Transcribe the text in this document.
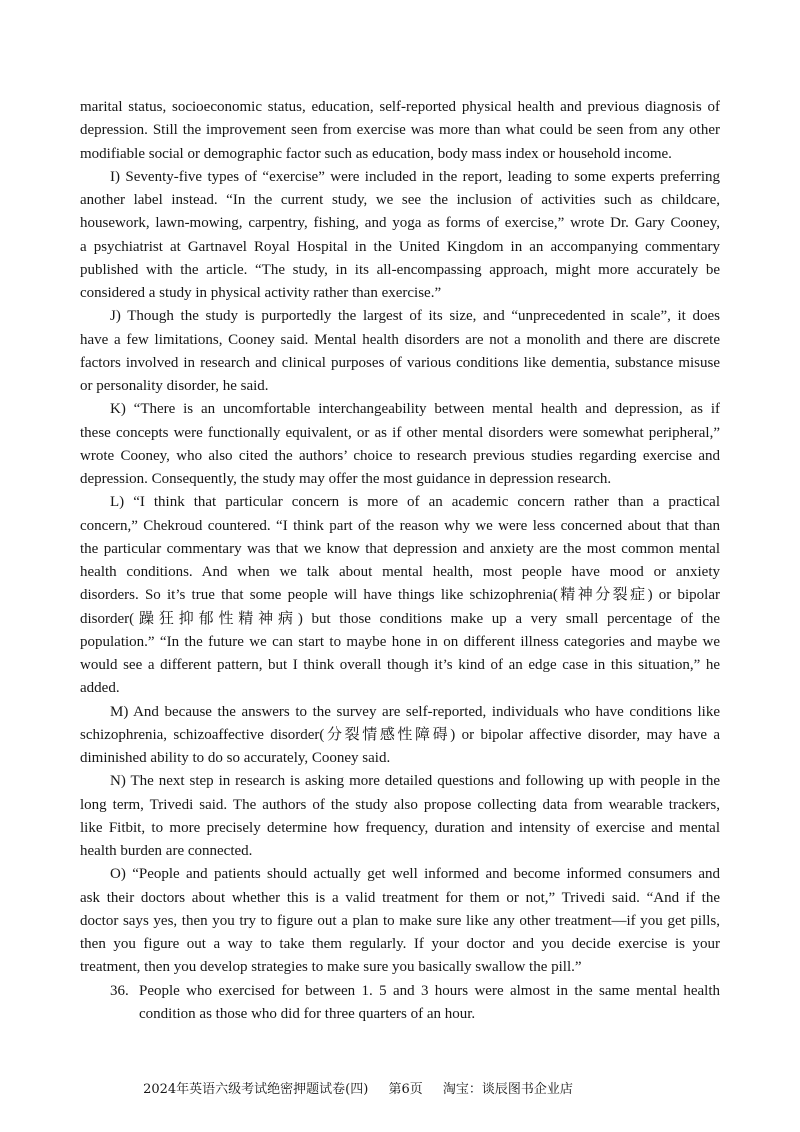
marital status, socioeconomic status, education, self-reported physical health and previous diagnosis of
depression. Still the improvement seen from exercise was more than what could be seen from any other
modifiable social or demographic factor such as education, body mass index or household income.
I) Seventy-five types of “exercise” were included in the report, leading to some experts preferring
another label instead. “In the current study, we see the inclusion of activities such as childcare,
housework, lawn-mowing, carpentry, fishing, and yoga as forms of exercise,” wrote Dr. Gary Cooney,
a psychiatrist at Gartnavel Royal Hospital in the United Kingdom in an accompanying commentary
published with the article. “The study, in its all-encompassing approach, might more accurately be
considered a study in physical activity rather than exercise.”
J) Though the study is purportedly the largest of its size, and “unprecedented in scale”, it does
have a few limitations, Cooney said. Mental health disorders are not a monolith and there are discrete
factors involved in research and clinical purposes of various conditions like dementia, substance misuse
or personality disorder, he said.
K) “There is an uncomfortable interchangeability between mental health and depression, as if
these concepts were functionally equivalent, or as if other mental disorders were somewhat peripheral,”
wrote Cooney, who also cited the authors’ choice to research previous studies regarding exercise and
depression. Consequently, the study may offer the most guidance in depression research.
L) “I think that particular concern is more of an academic concern rather than a practical
concern,” Chekroud countered. “I think part of the reason why we were less concerned about that than
the particular commentary was that we know that depression and anxiety are the most common mental
health conditions. And when we talk about mental health, most people have mood or anxiety
disorders. So it’s true that some people will have things like schizophrenia(精神分裂症) or bipolar
disorder(躁狂抑郁性精神病) but those conditions make up a very small percentage of the
population.” “In the future we can start to maybe hone in on different illness categories and maybe we
would see a different pattern, but I think overall though it’s kind of an edge case in this situation,” he
added.
M) And because the answers to the survey are self-reported, individuals who have conditions like
schizophrenia, schizoaffective disorder(分裂情感性障碍) or bipolar affective disorder, may have a
diminished ability to do so accurately, Cooney said.
N) The next step in research is asking more detailed questions and following up with people in the
long term, Trivedi said. The authors of the study also propose collecting data from wearable trackers,
like Fitbit, to more precisely determine how frequency, duration and intensity of exercise and mental
health burden are connected.
O) “People and patients should actually get well informed and become informed consumers and
ask their doctors about whether this is a valid treatment for them or not,” Trivedi said. “And if the
doctor says yes, then you try to figure out a plan to make sure like any other treatment—if you get pills,
then you figure out a way to take them regularly. If your doctor and you decide exercise is your
treatment, then you develop strategies to make sure you basically swallow the pill.”
36. People who exercised for between 1. 5 and 3 hours were almost in the same mental health
condition as those who did for three quarters of an hour.
2024年英语六级考试绝密押题试卷(四) 第6页 淘宝：谈辰图书企业店
